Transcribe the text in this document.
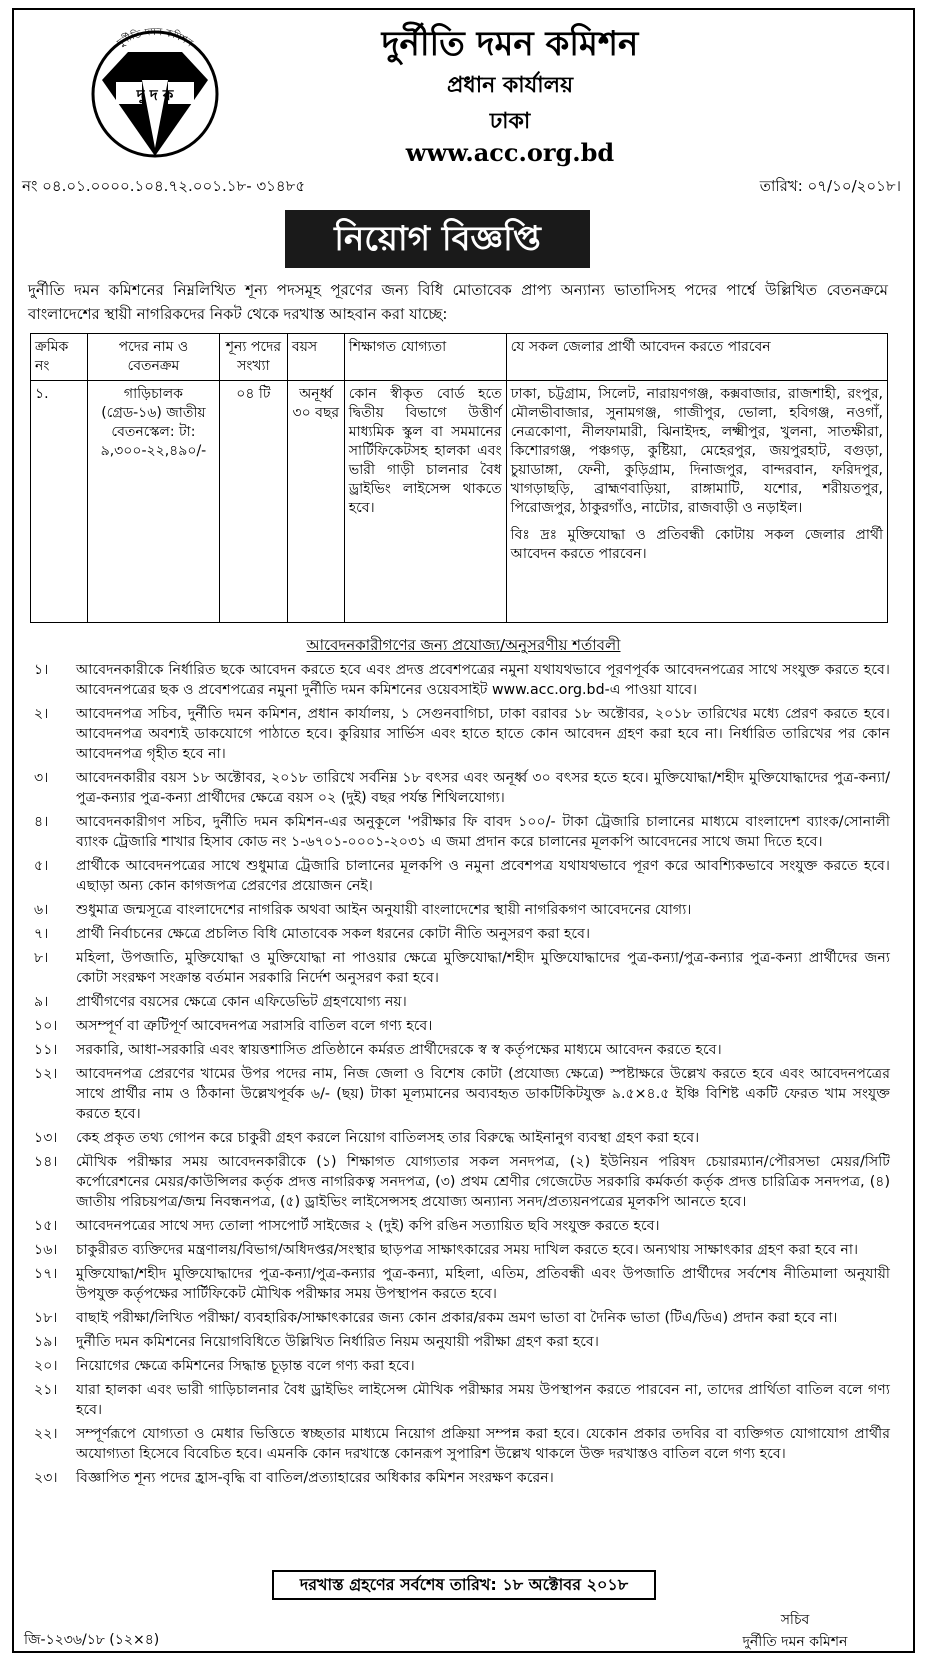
দুর্নীতি দমন কমিশন
দু দ ক
দুর্নীতি দমন কমিশন
প্রধান কার্যালয়
ঢাকা
www.acc.org.bd
নং ০৪.০১.০০০০.১০৪.৭২.০০১.১৮- ৩১৪৮৫	তারিখ: ০৭/১০/২০১৮।
নিয়োগ বিজ্ঞপ্তি
দুর্নীতি দমন কমিশনের নিম্নলিখিত শূন্য পদসমূহ পূরণের জন্য বিধি মোতাবেক প্রাপ্য অন্যান্য ভাতাদিসহ পদের পার্শ্বে উল্লিখিত বেতনক্রমে বাংলাদেশের স্থায়ী নাগরিকদের নিকট থেকে দরখাস্ত আহবান করা যাচ্ছে:
ক্রমিক নং	পদের নাম ও বেতনক্রম	শূন্য পদের সংখ্যা	বয়স	শিক্ষাগত যোগ্যতা	যে সকল জেলার প্রার্থী আবেদন করতে পারবেন
১.	গাড়িচালক (গ্রেড-১৬) জাতীয় বেতনস্কেল: টা: ৯,৩০০-২২,৪৯০/-	০৪ টি	অনূর্ধ্ব ৩০ বছর	কোন স্বীকৃত বোর্ড হতে দ্বিতীয় বিভাগে উত্তীর্ণ মাধ্যমিক স্কুল বা সমমানের সার্টিফিকেটসহ হালকা এবং ভারী গাড়ী চালনার বৈধ ড্রাইভিং লাইসেন্স থাকতে হবে।	ঢাকা, চট্টগ্রাম, সিলেট, নারায়ণগঞ্জ, কক্সবাজার, রাজশাহী, রংপুর, মৌলভীবাজার, সুনামগঞ্জ, গাজীপুর, ভোলা, হবিগঞ্জ, নওগাঁ, নেত্রকোণা, নীলফামারী, ঝিনাইদহ, লক্ষ্মীপুর, খুলনা, সাতক্ষীরা, কিশোরগঞ্জ, পঞ্চগড়, কুষ্টিয়া, মেহেরপুর, জয়পুরহাট, বগুড়া, চুয়াডাঙ্গা, ফেনী, কুড়িগ্রাম, দিনাজপুর, বান্দরবান, ফরিদপুর, খাগড়াছড়ি, ব্রাহ্মণবাড়িয়া, রাঙ্গামাটি, যশোর, শরীয়তপুর, পিরোজপুর, ঠাকুরগাঁও, নাটোর, রাজবাড়ী ও নড়াইল।
বিঃ দ্রঃ মুক্তিযোদ্ধা ও প্রতিবন্ধী কোটায় সকল জেলার প্রার্থী আবেদন করতে পারবেন।
আবেদনকারীগণের জন্য প্রযোজ্য/অনুসরণীয় শর্তাবলী
১। আবেদনকারীকে নির্ধারিত ছকে আবেদন করতে হবে এবং প্রদত্ত প্রবেশপত্রের নমুনা যথাযথভাবে পূরণপূর্বক আবেদনপত্রের সাথে সংযুক্ত করতে হবে। আবেদনপত্রের ছক ও প্রবেশপত্রের নমুনা দুর্নীতি দমন কমিশনের ওয়েবসাইট www.acc.org.bd-এ পাওয়া যাবে।
২। আবেদনপত্র সচিব, দুর্নীতি দমন কমিশন, প্রধান কার্যালয়, ১ সেগুনবাগিচা, ঢাকা বরাবর ১৮ অক্টোবর, ২০১৮ তারিখের মধ্যে প্রেরণ করতে হবে। আবেদনপত্র অবশ্যই ডাকযোগে পাঠাতে হবে। কুরিয়ার সার্ভিস এবং হাতে হাতে কোন আবেদন গ্রহণ করা হবে না। নির্ধারিত তারিখের পর কোন আবেদনপত্র গৃহীত হবে না।
৩। আবেদনকারীর বয়স ১৮ অক্টোবর, ২০১৮ তারিখে সর্বনিম্ন ১৮ বৎসর এবং অনূর্ধ্ব ৩০ বৎসর হতে হবে। মুক্তিযোদ্ধা/শহীদ মুক্তিযোদ্ধাদের পুত্র-কন্যা/পুত্র-কন্যার পুত্র-কন্যা প্রার্থীদের ক্ষেত্রে বয়স ০২ (দুই) বছর পর্যন্ত শিথিলযোগ্য।
৪। আবেদনকারীগণ সচিব, দুর্নীতি দমন কমিশন-এর অনুকূলে 'পরীক্ষার ফি বাবদ ১০০/- টাকা ট্রেজারি চালানের মাধ্যমে বাংলাদেশ ব্যাংক/সোনালী ব্যাংক ট্রেজারি শাখার হিসাব কোড নং ১-৬৭০১-০০০১-২০৩১ এ জমা প্রদান করে চালানের মূলকপি আবেদনের সাথে জমা দিতে হবে।
৫। প্রার্থীকে আবেদনপত্রের সাথে শুধুমাত্র ট্রেজারি চালানের মূলকপি ও নমুনা প্রবেশপত্র যথাযথভাবে পূরণ করে আবশ্যিকভাবে সংযুক্ত করতে হবে। এছাড়া অন্য কোন কাগজপত্র প্রেরণের প্রয়োজন নেই।
৬। শুধুমাত্র জন্মসূত্রে বাংলাদেশের নাগরিক অথবা আইন অনুযায়ী বাংলাদেশের স্থায়ী নাগরিকগণ আবেদনের যোগ্য।
৭। প্রার্থী নির্বাচনের ক্ষেত্রে প্রচলিত বিধি মোতাবেক সকল ধরনের কোটা নীতি অনুসরণ করা হবে।
৮। মহিলা, উপজাতি, মুক্তিযোদ্ধা ও মুক্তিযোদ্ধা না পাওয়ার ক্ষেত্রে মুক্তিযোদ্ধা/শহীদ মুক্তিযোদ্ধাদের পুত্র-কন্যা/পুত্র-কন্যার পুত্র-কন্যা প্রার্থীদের জন্য কোটা সংরক্ষণ সংক্রান্ত বর্তমান সরকারি নির্দেশ অনুসরণ করা হবে।
৯। প্রার্থীগণের বয়সের ক্ষেত্রে কোন এফিডেভিট গ্রহণযোগ্য নয়।
১০। অসম্পূর্ণ বা ত্রুটিপূর্ণ আবেদনপত্র সরাসরি বাতিল বলে গণ্য হবে।
১১। সরকারি, আধা-সরকারি এবং স্বায়ত্তশাসিত প্রতিষ্ঠানে কর্মরত প্রার্থীদেরকে স্ব স্ব কর্তৃপক্ষের মাধ্যমে আবেদন করতে হবে।
১২। আবেদনপত্র প্রেরণের খামের উপর পদের নাম, নিজ জেলা ও বিশেষ কোটা (প্রযোজ্য ক্ষেত্রে) স্পষ্টাক্ষরে উল্লেখ করতে হবে এবং আবেদনপত্রের সাথে প্রার্থীর নাম ও ঠিকানা উল্লেখপূর্বক ৬/- (ছয়) টাকা মূল্যমানের অব্যবহৃত ডাকটিকিটযুক্ত ৯.৫×৪.৫ ইঞ্চি বিশিষ্ট একটি ফেরত খাম সংযুক্ত করতে হবে।
১৩। কেহ প্রকৃত তথ্য গোপন করে চাকুরী গ্রহণ করলে নিয়োগ বাতিলসহ তার বিরুদ্ধে আইনানুগ ব্যবস্থা গ্রহণ করা হবে।
১৪। মৌখিক পরীক্ষার সময় আবেদনকারীকে (১) শিক্ষাগত যোগ্যতার সকল সনদপত্র, (২) ইউনিয়ন পরিষদ চেয়ারম্যান/পৌরসভা মেয়র/সিটি কর্পোরেশনের মেয়র/কাউন্সিলর কর্তৃক প্রদত্ত নাগরিকত্ব সনদপত্র, (৩) প্রথম শ্রেণীর গেজেটেড সরকারি কর্মকর্তা কর্তৃক প্রদত্ত চারিত্রিক সনদপত্র, (৪) জাতীয় পরিচয়পত্র/জন্ম নিবন্ধনপত্র, (৫) ড্রাইভিং লাইসেন্সসহ প্রযোজ্য অন্যান্য সনদ/প্রত্যয়নপত্রের মূলকপি আনতে হবে।
১৫। আবেদনপত্রের সাথে সদ্য তোলা পাসপোর্ট সাইজের ২ (দুই) কপি রঙিন সত্যায়িত ছবি সংযুক্ত করতে হবে।
১৬। চাকুরীরত ব্যক্তিদের মন্ত্রণালয়/বিভাগ/অধিদপ্তর/সংস্থার ছাড়পত্র সাক্ষাৎকারের সময় দাখিল করতে হবে। অন্যথায় সাক্ষাৎকার গ্রহণ করা হবে না।
১৭। মুক্তিযোদ্ধা/শহীদ মুক্তিযোদ্ধাদের পুত্র-কন্যা/পুত্র-কন্যার পুত্র-কন্যা, মহিলা, এতিম, প্রতিবন্ধী এবং উপজাতি প্রার্থীদের সর্বশেষ নীতিমালা অনুযায়ী উপযুক্ত কর্তৃপক্ষের সার্টিফিকেট মৌখিক পরীক্ষার সময় উপস্থাপন করতে হবে।
১৮। বাছাই পরীক্ষা/লিখিত পরীক্ষা/ ব্যবহারিক/সাক্ষাৎকারের জন্য কোন প্রকার/রকম ভ্রমণ ভাতা বা দৈনিক ভাতা (টিএ/ডিএ) প্রদান করা হবে না।
১৯। দুর্নীতি দমন কমিশনের নিয়োগবিধিতে উল্লিখিত নির্ধারিত নিয়ম অনুযায়ী পরীক্ষা গ্রহণ করা হবে।
২০। নিয়োগের ক্ষেত্রে কমিশনের সিদ্ধান্ত চূড়ান্ত বলে গণ্য করা হবে।
২১। যারা হালকা এবং ভারী গাড়িচালনার বৈধ ড্রাইভিং লাইসেন্স মৌখিক পরীক্ষার সময় উপস্থাপন করতে পারবেন না, তাদের প্রার্থিতা বাতিল বলে গণ্য হবে।
২২। সম্পূর্ণরূপে যোগ্যতা ও মেধার ভিত্তিতে স্বচ্ছতার মাধ্যমে নিয়োগ প্রক্রিয়া সম্পন্ন করা হবে। যেকোন প্রকার তদবির বা ব্যক্তিগত যোগাযোগ প্রার্থীর অযোগ্যতা হিসেবে বিবেচিত হবে। এমনকি কোন দরখাস্তে কোনরূপ সুপারিশ উল্লেখ থাকলে উক্ত দরখাস্তও বাতিল বলে গণ্য হবে।
২৩। বিজ্ঞাপিত শূন্য পদের হ্রাস-বৃদ্ধি বা বাতিল/প্রত্যাহারের অধিকার কমিশন সংরক্ষণ করেন।
দরখাস্ত গ্রহণের সর্বশেষ তারিখ: ১৮ অক্টোবর ২০১৮
সচিব
দুর্নীতি দমন কমিশন
জি-১২৩৬/১৮ (১২×৪)
